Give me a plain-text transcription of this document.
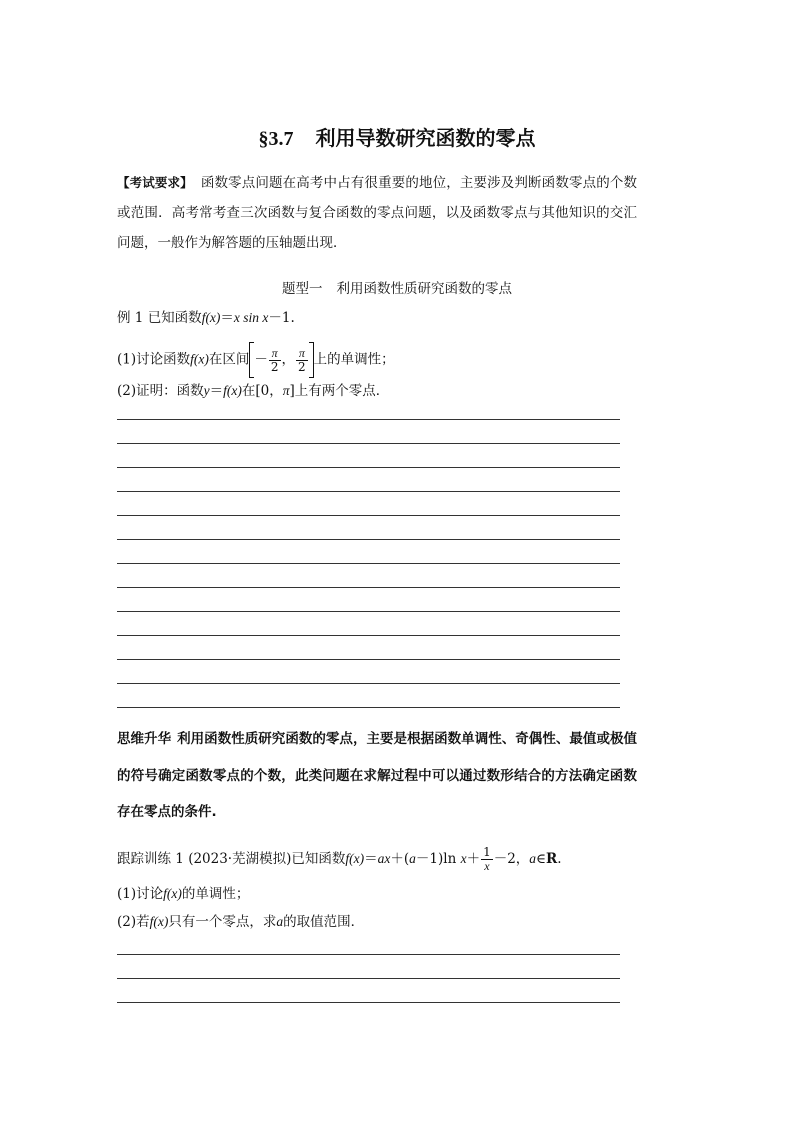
§3.7 利用导数研究函数的零点
【考试要求】 函数零点问题在高考中占有很重要的地位，主要涉及判断函数零点的个数或范围．高考常考查三次函数与复合函数的零点问题，以及函数零点与其他知识的交汇问题，一般作为解答题的压轴题出现．
题型一 利用函数性质研究函数的零点
例 1 已知函数f(x)＝x sin x－1.
(1)讨论函数f(x)在区间 － $\frac{\pi}{2}$ ， $\frac{\pi}{2}$ 上的单调性；
(2)证明：函数y＝f(x)在[0，π]上有两个零点．
思维升华 利用函数性质研究函数的零点，主要是根据函数单调性、奇偶性、最值或极值的符号确定函数零点的个数，此类问题在求解过程中可以通过数形结合的方法确定函数存在零点的条件.
跟踪训练 1 (2023·芜湖模拟)已知函数f(x)＝ax＋(a－1)ln $x+ \frac{1}{x} -2$，a∈R.
(1)讨论f(x)的单调性；
(2)若f(x)只有一个零点，求a的取值范围．
